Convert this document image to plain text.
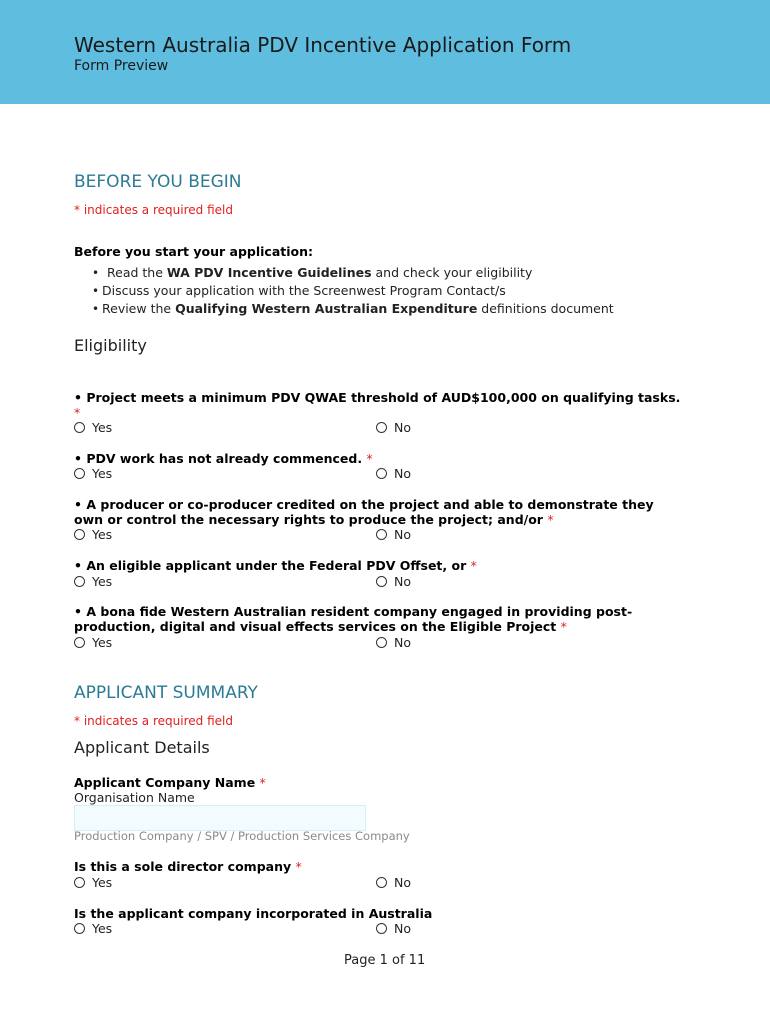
Western Australia PDV Incentive Application Form
Form Preview
BEFORE YOU BEGIN
* indicates a required field
Before you start your application:
• Read the WA PDV Incentive Guidelines and check your eligibility
• Discuss your application with the Screenwest Program Contact/s
• Review the Qualifying Western Australian Expenditure definitions document
Eligibility
• Project meets a minimum PDV QWAE threshold of AUD$100,000 on qualifying tasks. *
Yes	No
• PDV work has not already commenced. *
Yes	No
• A producer or co-producer credited on the project and able to demonstrate they own or control the necessary rights to produce the project; and/or *
Yes	No
• An eligible applicant under the Federal PDV Offset, or *
Yes	No
• A bona fide Western Australian resident company engaged in providing post-production, digital and visual effects services on the Eligible Project *
Yes	No
APPLICANT SUMMARY
* indicates a required field
Applicant Details
Applicant Company Name *
Organisation Name
Production Company / SPV / Production Services Company
Is this a sole director company *
Yes	No
Is the applicant company incorporated in Australia
Yes	No
Page 1 of 11
